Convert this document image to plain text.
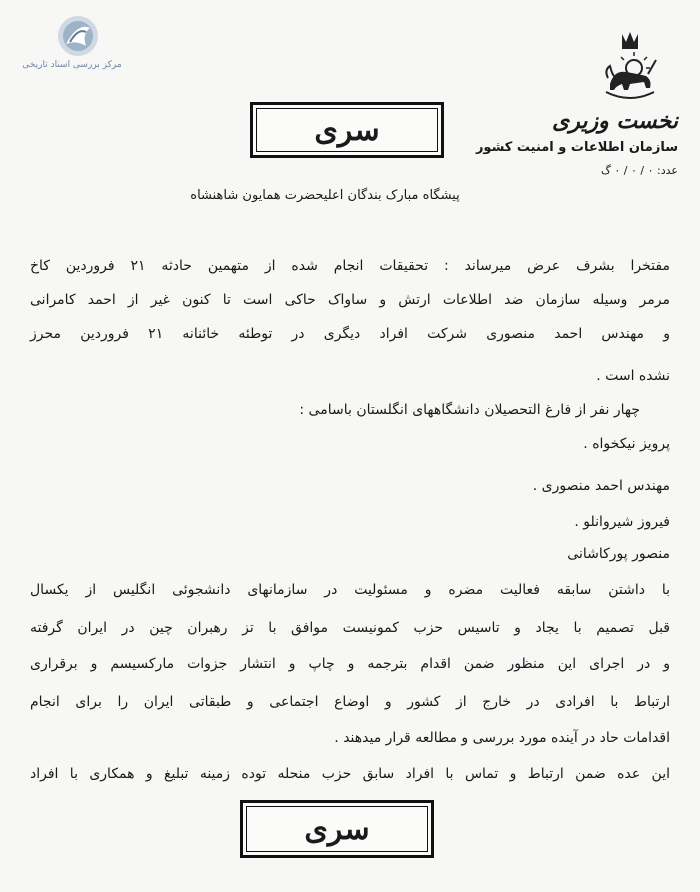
مرکز بررسی اسناد تاریخی
نخست وزیری
سازمان اطلاعات و امنیت کشور
عدد: ۰ / ۰ / ۰ گ
سری
پیشگاه مبارک بندگان اعلیحضرت همایون شاهنشاه
مفتخرا بشرف عرض میرساند : تحقیقات انجام شده از متهمین حادثه ۲۱ فروردین کاخ
مرمر وسیله سازمان ضد اطلاعات ارتش و ساواک حاکی است تا کنون غیر از احمد کامرانی
و مهندس احمد منصوری شرکت افراد دیگری در توطئه خائنانه ۲۱ فروردین محرز
نشده است .
چهار نفر از فارغ التحصیلان دانشگاههای انگلستان باسامی :
پرویز نیکخواه .
مهندس احمد منصوری .
فیروز شیروانلو .
منصور پورکاشانی
با داشتن سابقه فعالیت مضره و مسئولیت در سازمانهای دانشجوئی انگلیس از یکسال
قبل تصمیم با یجاد و تاسیس حزب کمونیست موافق با تز رهبران چین در ایران گرفته
و در اجرای این منظور ضمن اقدام بترجمه و چاپ و انتشار جزوات مارکسیسم و برقراری
ارتباط با افرادی در خارج از کشور و اوضاع اجتماعی و طبقاتی ایران را برای انجام
اقدامات حاد در آینده مورد بررسی و مطالعه قرار میدهند .
این عده ضمن ارتباط و تماس با افراد سابق حزب منحله توده زمینه تبلیغ و همکاری با افراد
سری
